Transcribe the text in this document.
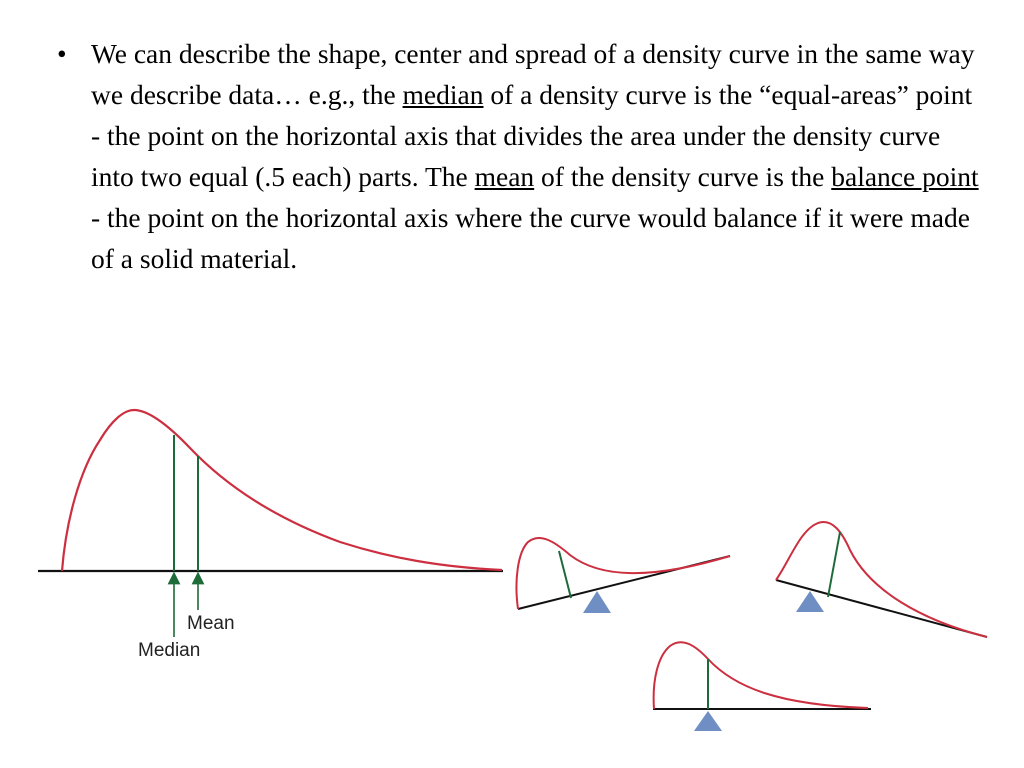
• We can describe the shape, center and spread of a density curve in the same way we describe data… e.g., the median of a density curve is the “equal-areas” point - the point on the horizontal axis that divides the area under the density curve into two equal (.5 each) parts. The mean of the density curve is the balance point - the point on the horizontal axis where the curve would balance if it were made of a solid material.
Mean
Median
